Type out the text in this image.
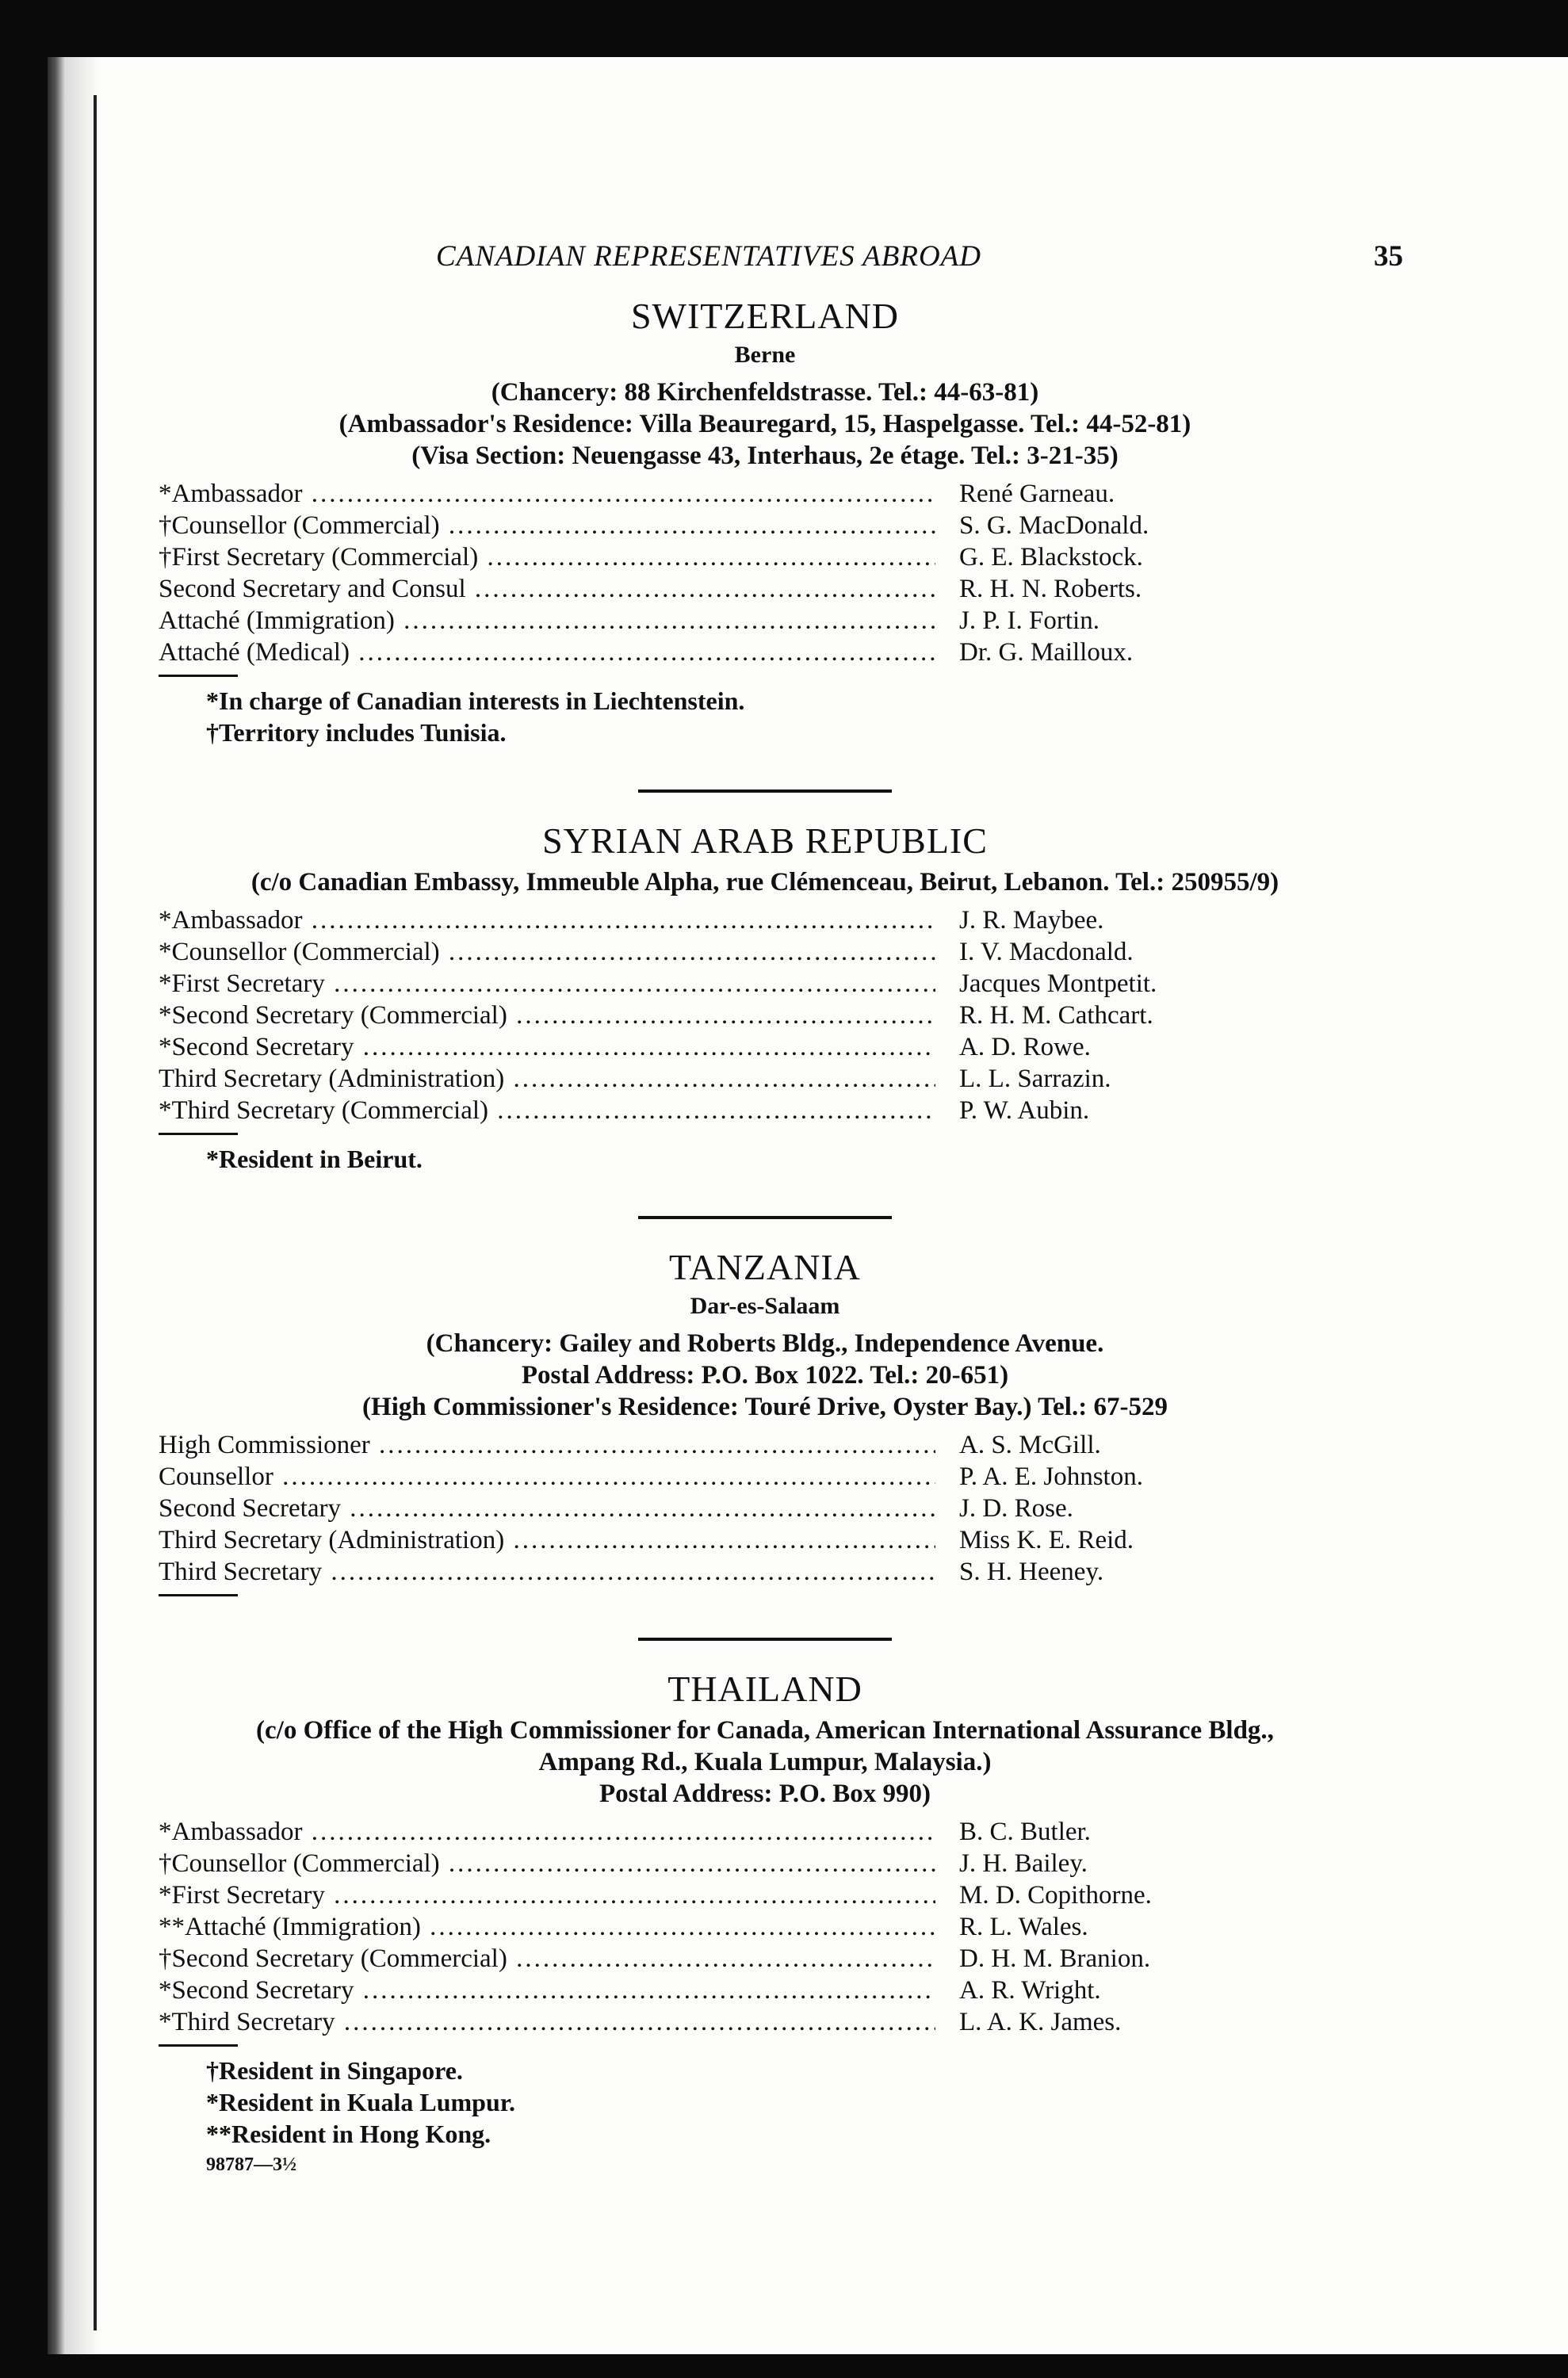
CANADIAN REPRESENTATIVES ABROAD	35
SWITZERLAND
Berne
(Chancery: 88 Kirchenfeldstrasse. Tel.: 44-63-81)
(Ambassador's Residence: Villa Beauregard, 15, Haspelgasse. Tel.: 44-52-81)
(Visa Section: Neuengasse 43, Interhaus, 2e étage. Tel.: 3-21-35)
*Ambassador .....	René Garneau.
†Counsellor (Commercial) .....	S. G. MacDonald.
†First Secretary (Commercial) .....	G. E. Blackstock.
Second Secretary and Consul .....	R. H. N. Roberts.
Attaché (Immigration) .....	J. P. I. Fortin.
Attaché (Medical) .....	Dr. G. Mailloux.
*In charge of Canadian interests in Liechtenstein.
†Territory includes Tunisia.
SYRIAN ARAB REPUBLIC
(c/o Canadian Embassy, Immeuble Alpha, rue Clémenceau, Beirut, Lebanon. Tel.: 250955/9)
*Ambassador .....	J. R. Maybee.
*Counsellor (Commercial) .....	I. V. Macdonald.
*First Secretary .....	Jacques Montpetit.
*Second Secretary (Commercial) .....	R. H. M. Cathcart.
*Second Secretary .....	A. D. Rowe.
Third Secretary (Administration) .....	L. L. Sarrazin.
*Third Secretary (Commercial) .....	P. W. Aubin.
*Resident in Beirut.
TANZANIA
Dar-es-Salaam
(Chancery: Gailey and Roberts Bldg., Independence Avenue.
Postal Address: P.O. Box 1022. Tel.: 20-651)
(High Commissioner's Residence: Touré Drive, Oyster Bay.) Tel.: 67-529
High Commissioner .....	A. S. McGill.
Counsellor .....	P. A. E. Johnston.
Second Secretary .....	J. D. Rose.
Third Secretary (Administration) .....	Miss K. E. Reid.
Third Secretary .....	S. H. Heeney.
THAILAND
(c/o Office of the High Commissioner for Canada, American International Assurance Bldg.,
Ampang Rd., Kuala Lumpur, Malaysia.)
Postal Address: P.O. Box 990)
*Ambassador .....	B. C. Butler.
†Counsellor (Commercial) .....	J. H. Bailey.
*First Secretary .....	M. D. Copithorne.
**Attaché (Immigration) .....	R. L. Wales.
†Second Secretary (Commercial) .....	D. H. M. Branion.
*Second Secretary .....	A. R. Wright.
*Third Secretary .....	L. A. K. James.
†Resident in Singapore.
*Resident in Kuala Lumpur.
**Resident in Hong Kong.
98787—3½
